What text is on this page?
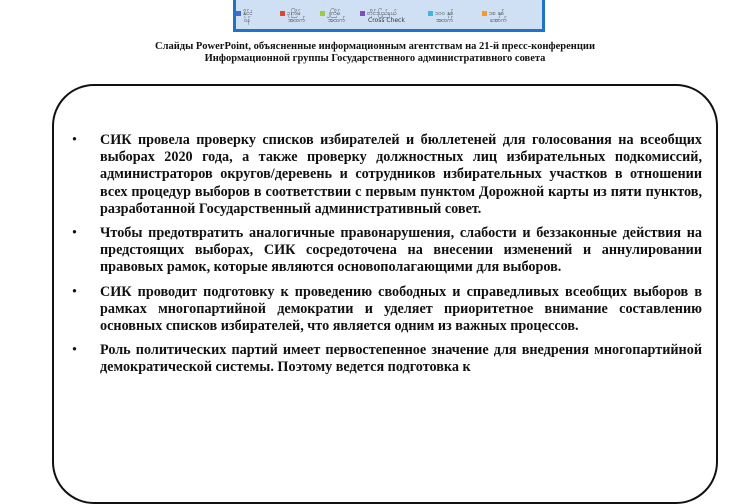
နိုင်ငံ
ဝန်
၃ကြိမ်
အထက်
၂ကြိမ်
အထက်
တိုင်းပြည်နယ်
Cross Check
၁၀၀ နှစ်
အထက်
၁၈ နှစ်
အောက်
Слайды PowerPoint, объясненные информационным агентствам на 21-й пресс-конференции
Информационной группы Государственного административного совета
• СИК провела проверку списков избирателей и бюллетеней для голосования на всеобщих выборах 2020 года, а также проверку должностных лиц избирательных подкомиссий, администраторов округов/деревень и сотрудников избирательных участков в отношении всех процедур выборов в соответствии с первым пунктом Дорожной карты из пяти пунктов, разработанной Государственный административный совет.
• Чтобы предотвратить аналогичные правонарушения, слабости и беззаконные действия на предстоящих выборах, СИК сосредоточена на внесении изменений и аннулировании правовых рамок, которые являются основополагающими для выборов.
• СИК проводит подготовку к проведению свободных и справедливых всеобщих выборов в рамках многопартийной демократии и уделяет приоритетное внимание составлению основных списков избирателей, что является одним из важных процессов.
• Роль политических партий имеет первостепенное значение для внедрения многопартийной демократической системы. Поэтому ведется подготовка к
